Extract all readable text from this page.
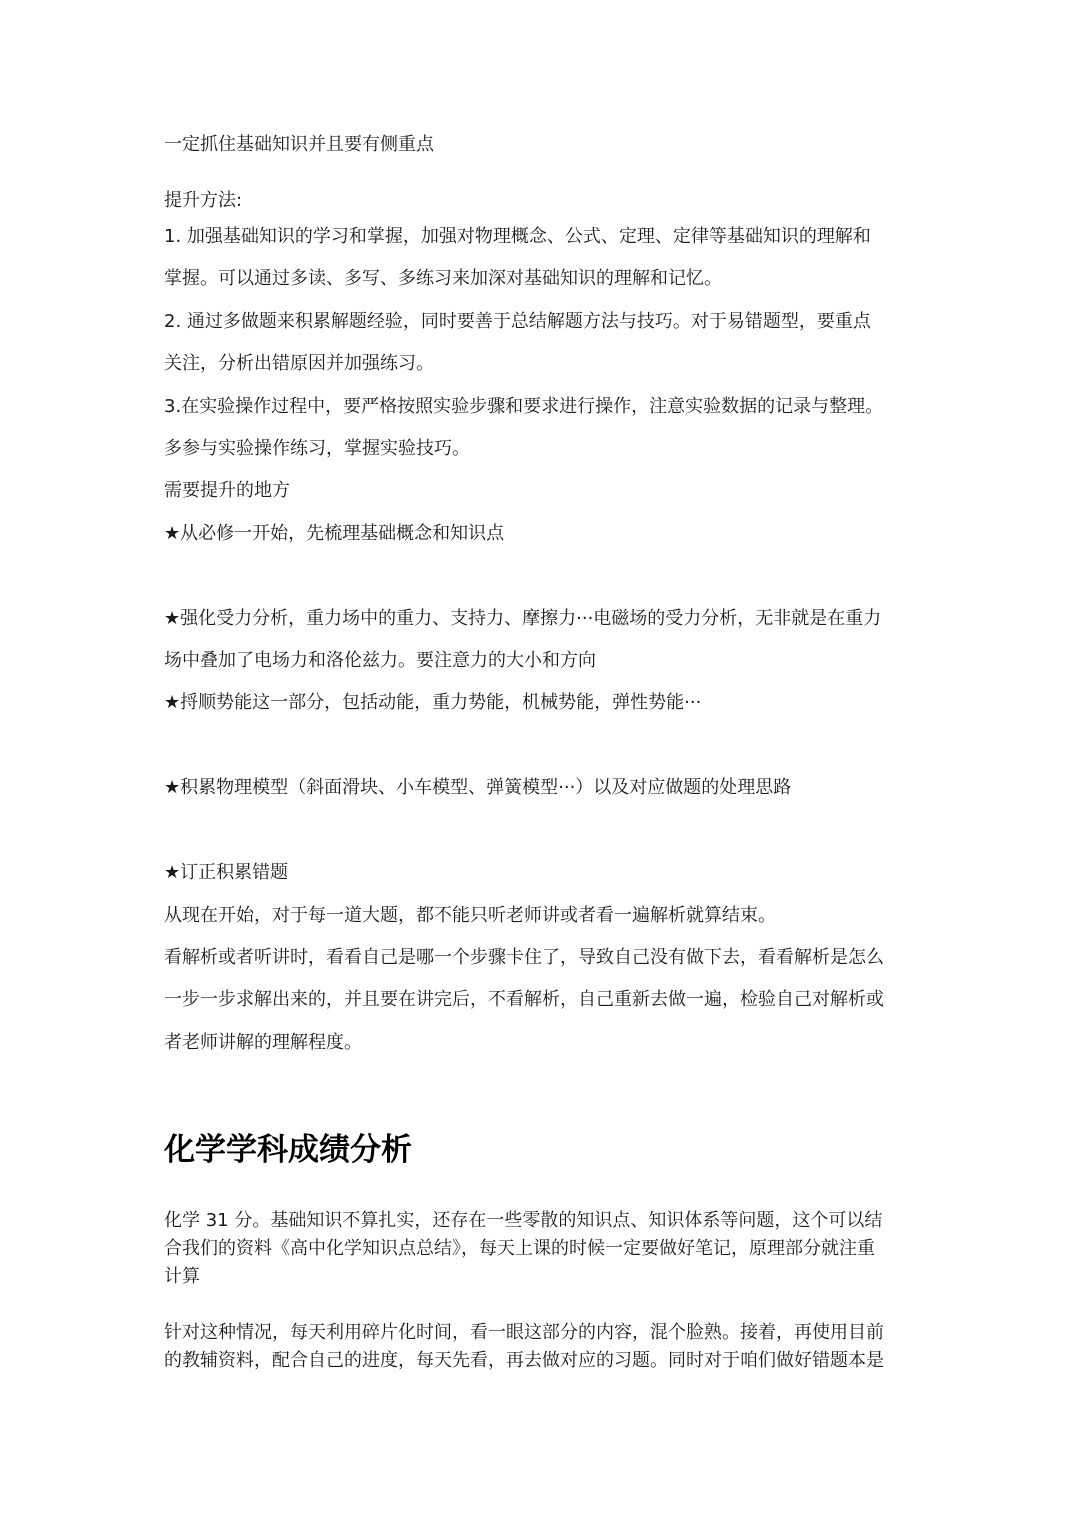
一定抓住基础知识并且要有侧重点
提升方法:
1. 加强基础知识的学习和掌握，加强对物理概念、公式、定理、定律等基础知识的理解和
掌握。可以通过多读、多写、多练习来加深对基础知识的理解和记忆。
2. 通过多做题来积累解题经验，同时要善于总结解题方法与技巧。对于易错题型，要重点
关注，分析出错原因并加强练习。
3.在实验操作过程中，要严格按照实验步骤和要求进行操作，注意实验数据的记录与整理。
多参与实验操作练习，掌握实验技巧。
需要提升的地方
★从必修一开始，先梳理基础概念和知识点
★强化受力分析，重力场中的重力、支持力、摩擦力···电磁场的受力分析，无非就是在重力
场中叠加了电场力和洛伦兹力。要注意力的大小和方向
★捋顺势能这一部分，包括动能，重力势能，机械势能，弹性势能···
★积累物理模型（斜面滑块、小车模型、弹簧模型···）以及对应做题的处理思路
★订正积累错题
从现在开始，对于每一道大题，都不能只听老师讲或者看一遍解析就算结束。
看解析或者听讲时，看看自己是哪一个步骤卡住了，导致自己没有做下去，看看解析是怎么
一步一步求解出来的，并且要在讲完后，不看解析，自己重新去做一遍，检验自己对解析或
者老师讲解的理解程度。
化学学科成绩分析
化学 31 分。基础知识不算扎实，还存在一些零散的知识点、知识体系等问题，这个可以结
合我们的资料《高中化学知识点总结》，每天上课的时候一定要做好笔记，原理部分就注重
计算
针对这种情况，每天利用碎片化时间，看一眼这部分的内容，混个脸熟。接着，再使用目前
的教辅资料，配合自己的进度，每天先看，再去做对应的习题。同时对于咱们做好错题本是
